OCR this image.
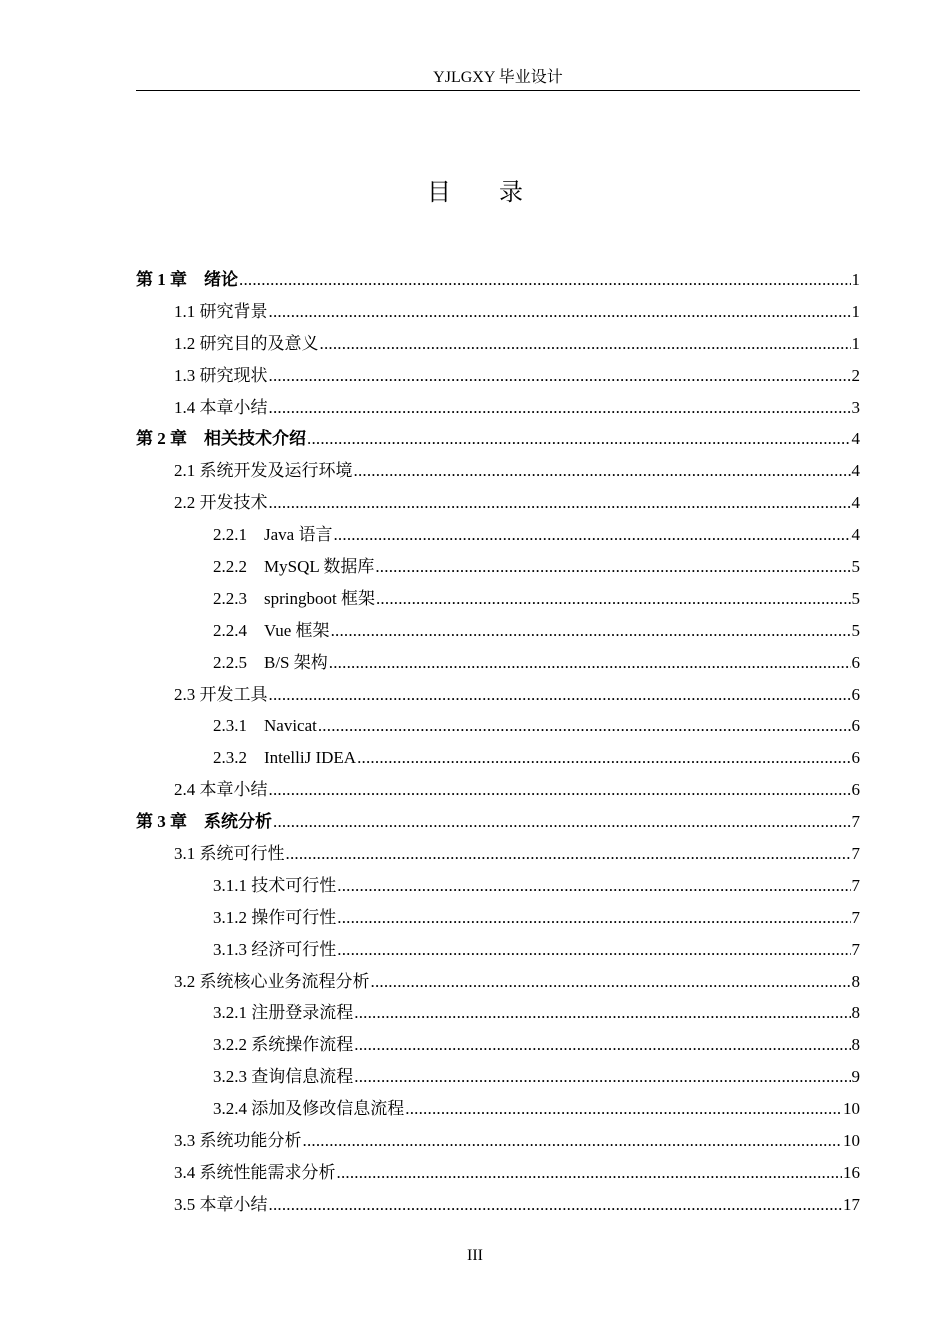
YJLGXY 毕业设计
目 录
第 1 章　绪论 .....	1
1.1 研究背景 .....	1
1.2 研究目的及意义 .....	1
1.3 研究现状 .....	2
1.4 本章小结 .....	3
第 2 章　相关技术介绍 .....	4
2.1 系统开发及运行环境 .....	4
2.2 开发技术 .....	4
2.2.1　Java 语言 .....	4
2.2.2　MySQL 数据库 .....	5
2.2.3　springboot 框架 .....	5
2.2.4　Vue 框架 .....	5
2.2.5　B/S 架构 .....	6
2.3 开发工具 .....	6
2.3.1　Navicat .....	6
2.3.2　IntelliJ IDEA .....	6
2.4 本章小结 .....	6
第 3 章　系统分析 .....	7
3.1 系统可行性 .....	7
3.1.1 技术可行性 .....	7
3.1.2 操作可行性 .....	7
3.1.3 经济可行性 .....	7
3.2 系统核心业务流程分析 .....	8
3.2.1 注册登录流程 .....	8
3.2.2 系统操作流程 .....	8
3.2.3 查询信息流程 .....	9
3.2.4 添加及修改信息流程 .....	10
3.3 系统功能分析 .....	10
3.4 系统性能需求分析 .....	16
3.5 本章小结 .....	17
III
